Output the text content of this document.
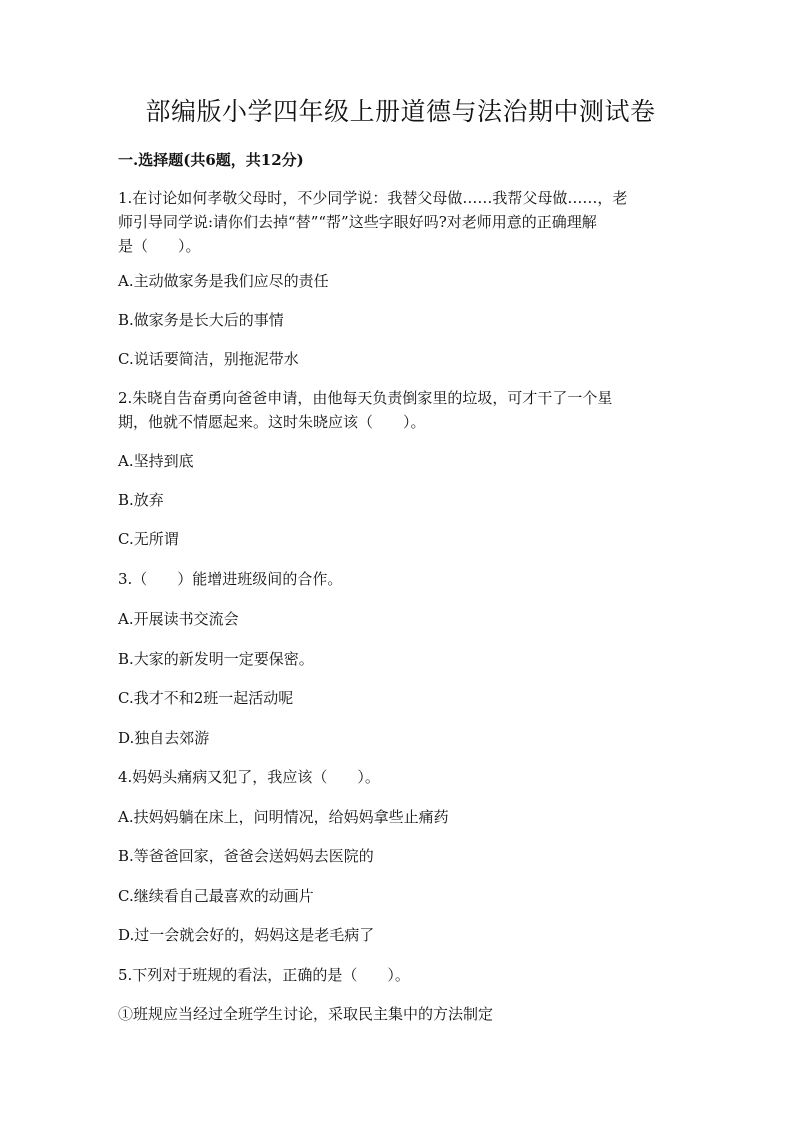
部编版小学四年级上册道德与法治期中测试卷
一.选择题(共6题，共12分)

1.在讨论如何孝敬父母时，不少同学说：我替父母做……我帮父母做……，老

师引导同学说:请你们去掉“替”“帮”这些字眼好吗?对老师用意的正确理解

是（　　）。

A.主动做家务是我们应尽的责任

B.做家务是长大后的事情

C.说话要简洁，别拖泥带水

2.朱晓自告奋勇向爸爸申请，由他每天负责倒家里的垃圾，可才干了一个星

期，他就不情愿起来。这时朱晓应该（　　）。

A.坚持到底

B.放弃

C.无所谓

3.（　　）能增进班级间的合作。

A.开展读书交流会

B.大家的新发明一定要保密。

C.我才不和2班一起活动呢

D.独自去郊游

4.妈妈头痛病又犯了，我应该（　　）。

A.扶妈妈躺在床上，问明情况，给妈妈拿些止痛药

B.等爸爸回家，爸爸会送妈妈去医院的

C.继续看自己最喜欢的动画片

D.过一会就会好的，妈妈这是老毛病了

5.下列对于班规的看法，正确的是（　　）。

①班规应当经过全班学生讨论，采取民主集中的方法制定
